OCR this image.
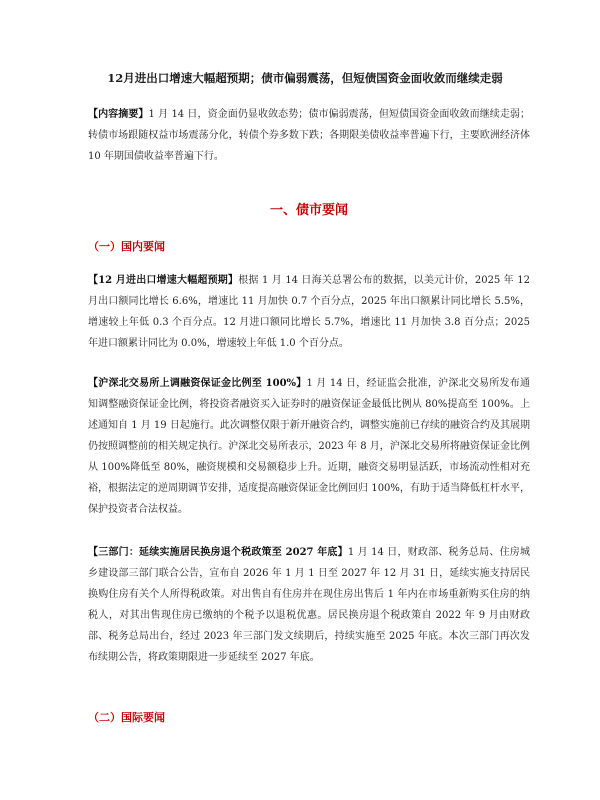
12月进出口增速大幅超预期；债市偏弱震荡，但短债国资金面收敛而继续走弱

【内容摘要】1 月 14 日，资金面仍显收敛态势；债市偏弱震荡，但短债国资金面收敛而继续走弱；转债市场跟随权益市场震荡分化，转债个券多数下跌；各期限美债收益率普遍下行，主要欧洲经济体 10 年期国债收益率普遍下行。

一、债市要闻
（一）国内要闻

【12 月进出口增速大幅超预期】根据 1 月 14 日海关总署公布的数据，以美元计价，2025 年 12 月出口额同比增长 6.6%，增速比 11 月加快 0.7 个百分点，2025 年出口额累计同比增长 5.5%，增速较上年低 0.3 个百分点。12 月进口额同比增长 5.7%，增速比 11 月加快 3.8 百分点；2025 年进口额累计同比为 0.0%，增速较上年低 1.0 个百分点。

【沪深北交易所上调融资保证金比例至 100%】1 月 14 日，经证监会批准，沪深北交易所发布通知调整融资保证金比例，将投资者融资买入证券时的融资保证金最低比例从 80%提高至 100%。上述通知自 1 月 19 日起施行。此次调整仅限于新开融资合约，调整实施前已存续的融资合约及其展期仍按照调整前的相关规定执行。沪深北交易所表示，2023 年 8 月，沪深北交易所将融资保证金比例从 100%降低至 80%，融资规模和交易额稳步上升。近期，融资交易明显活跃，市场流动性相对充裕，根据法定的逆周期调节安排，适度提高融资保证金比例回归 100%，有助于适当降低杠杆水平，保护投资者合法权益。

【三部门：延续实施居民换房退个税政策至 2027 年底】1 月 14 日，财政部、税务总局、住房城乡建设部三部门联合公告，宣布自 2026 年 1 月 1 日至 2027 年 12 月 31 日，延续实施支持居民换购住房有关个人所得税政策。对出售自有住房并在现住房出售后 1 年内在市场重新购买住房的纳税人，对其出售现住房已缴纳的个税予以退税优惠。居民换房退个税政策自 2022 年 9 月由财政部、税务总局出台，经过 2023 年三部门发文续期后，持续实施至 2025 年底。本次三部门再次发布续期公告，将政策期限进一步延续至 2027 年底。

（二）国际要闻
